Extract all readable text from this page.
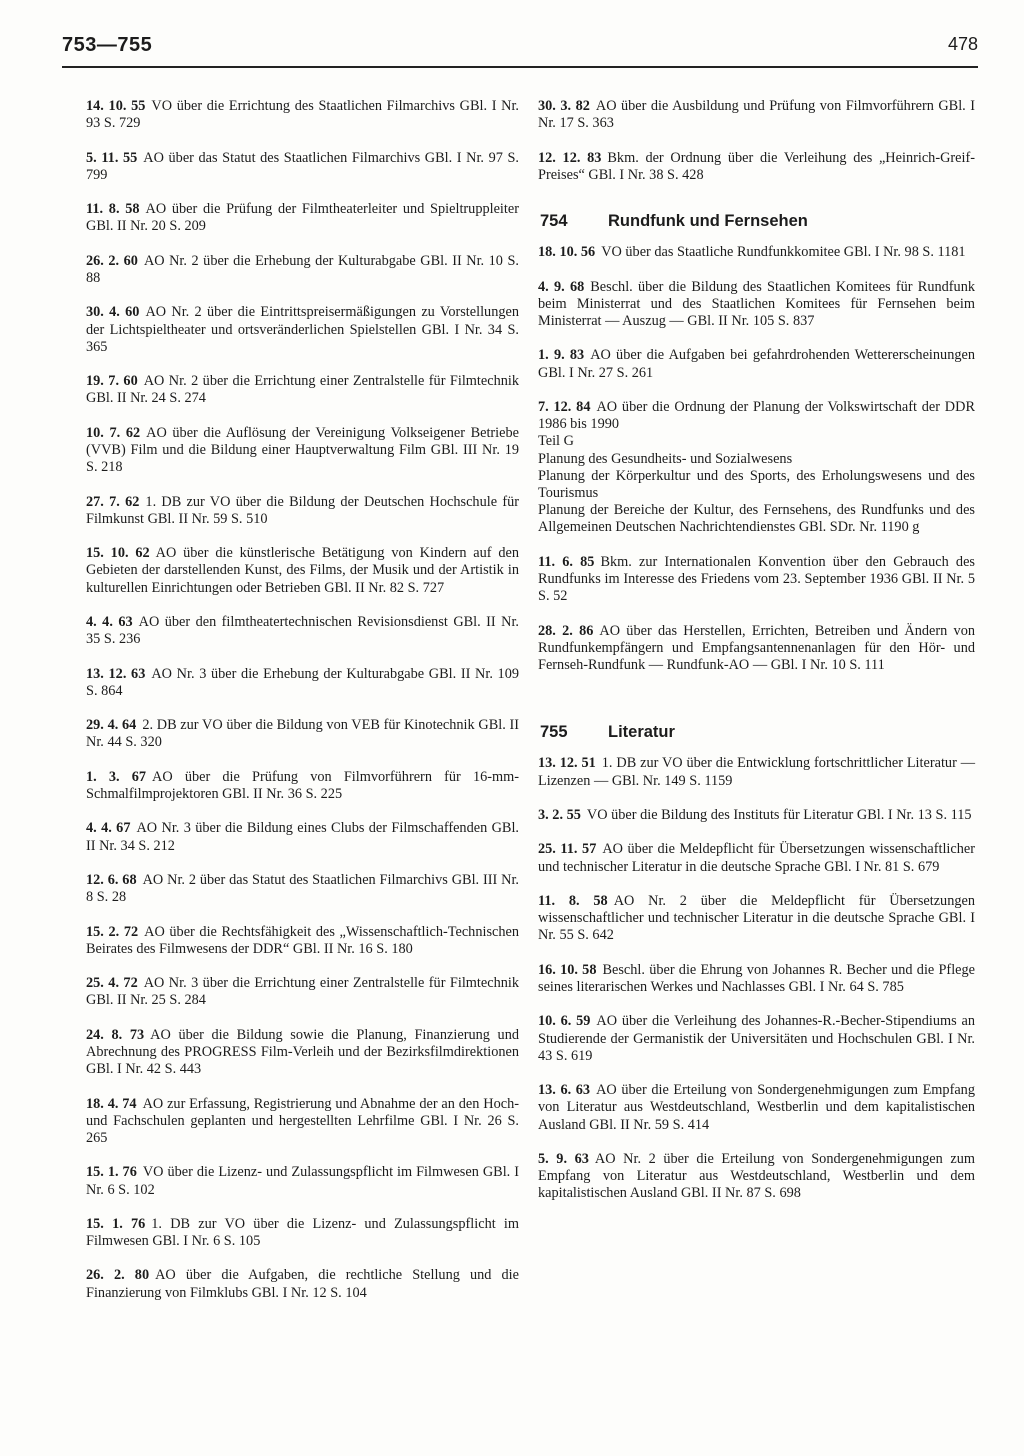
753—755	478
14. 10. 55 VO über die Errichtung des Staatlichen Filmarchivs GBl. I Nr. 93 S. 729
5. 11. 55 AO über das Statut des Staatlichen Filmarchivs GBl. I Nr. 97 S. 799
11. 8. 58 AO über die Prüfung der Filmtheaterleiter und Spieltruppleiter GBl. II Nr. 20 S. 209
26. 2. 60 AO Nr. 2 über die Erhebung der Kulturabgabe GBl. II Nr. 10 S. 88
30. 4. 60 AO Nr. 2 über die Eintrittspreisermäßigungen zu Vorstellungen der Lichtspieltheater und ortsveränderlichen Spielstellen GBl. I Nr. 34 S. 365
19. 7. 60 AO Nr. 2 über die Errichtung einer Zentralstelle für Filmtechnik GBl. II Nr. 24 S. 274
10. 7. 62 AO über die Auflösung der Vereinigung Volkseigener Betriebe (VVB) Film und die Bildung einer Hauptverwaltung Film GBl. III Nr. 19 S. 218
27. 7. 62 1. DB zur VO über die Bildung der Deutschen Hochschule für Filmkunst GBl. II Nr. 59 S. 510
15. 10. 62 AO über die künstlerische Betätigung von Kindern auf den Gebieten der darstellenden Kunst, des Films, der Musik und der Artistik in kulturellen Einrichtungen oder Betrieben GBl. II Nr. 82 S. 727
4. 4. 63 AO über den filmtheatertechnischen Revisionsdienst GBl. II Nr. 35 S. 236
13. 12. 63 AO Nr. 3 über die Erhebung der Kulturabgabe GBl. II Nr. 109 S. 864
29. 4. 64 2. DB zur VO über die Bildung von VEB für Kinotechnik GBl. II Nr. 44 S. 320
1. 3. 67 AO über die Prüfung von Filmvorführern für 16-mm-Schmalfilmprojektoren GBl. II Nr. 36 S. 225
4. 4. 67 AO Nr. 3 über die Bildung eines Clubs der Filmschaffenden GBl. II Nr. 34 S. 212
12. 6. 68 AO Nr. 2 über das Statut des Staatlichen Filmarchivs GBl. III Nr. 8 S. 28
15. 2. 72 AO über die Rechtsfähigkeit des „Wissenschaftlich-Technischen Beirates des Filmwesens der DDR“ GBl. II Nr. 16 S. 180
25. 4. 72 AO Nr. 3 über die Errichtung einer Zentralstelle für Filmtechnik GBl. II Nr. 25 S. 284
24. 8. 73 AO über die Bildung sowie die Planung, Finanzierung und Abrechnung des PROGRESS Film-Verleih und der Bezirksfilmdirektionen GBl. I Nr. 42 S. 443
18. 4. 74 AO zur Erfassung, Registrierung und Abnahme der an den Hoch- und Fachschulen geplanten und hergestellten Lehrfilme GBl. I Nr. 26 S. 265
15. 1. 76 VO über die Lizenz- und Zulassungspflicht im Filmwesen GBl. I Nr. 6 S. 102
15. 1. 76 1. DB zur VO über die Lizenz- und Zulassungspflicht im Filmwesen GBl. I Nr. 6 S. 105
26. 2. 80 AO über die Aufgaben, die rechtliche Stellung und die Finanzierung von Filmklubs GBl. I Nr. 12 S. 104
30. 3. 82 AO über die Ausbildung und Prüfung von Filmvorführern GBl. I Nr. 17 S. 363
12. 12. 83 Bkm. der Ordnung über die Verleihung des „Heinrich-Greif-Preises“ GBl. I Nr. 38 S. 428
754 Rundfunk und Fernsehen
18. 10. 56 VO über das Staatliche Rundfunkkomitee GBl. I Nr. 98 S. 1181
4. 9. 68 Beschl. über die Bildung des Staatlichen Komitees für Rundfunk beim Ministerrat und des Staatlichen Komitees für Fernsehen beim Ministerrat — Auszug — GBl. II Nr. 105 S. 837
1. 9. 83 AO über die Aufgaben bei gefahrdrohenden Wettererscheinungen GBl. I Nr. 27 S. 261
7. 12. 84 AO über die Ordnung der Planung der Volkswirtschaft der DDR 1986 bis 1990
Teil G
Planung des Gesundheits- und Sozialwesens
Planung der Körperkultur und des Sports, des Erholungswesens und des Tourismus
Planung der Bereiche der Kultur, des Fernsehens, des Rundfunks und des Allgemeinen Deutschen Nachrichtendienstes GBl. SDr. Nr. 1190 g
11. 6. 85 Bkm. zur Internationalen Konvention über den Gebrauch des Rundfunks im Interesse des Friedens vom 23. September 1936 GBl. II Nr. 5 S. 52
28. 2. 86 AO über das Herstellen, Errichten, Betreiben und Ändern von Rundfunkempfängern und Empfangsantennenanlagen für den Hör- und Fernseh-Rundfunk — Rundfunk-AO — GBl. I Nr. 10 S. 111
755 Literatur
13. 12. 51 1. DB zur VO über die Entwicklung fortschrittlicher Literatur — Lizenzen — GBl. Nr. 149 S. 1159
3. 2. 55 VO über die Bildung des Instituts für Literatur GBl. I Nr. 13 S. 115
25. 11. 57 AO über die Meldepflicht für Übersetzungen wissenschaftlicher und technischer Literatur in die deutsche Sprache GBl. I Nr. 81 S. 679
11. 8. 58 AO Nr. 2 über die Meldepflicht für Übersetzungen wissenschaftlicher und technischer Literatur in die deutsche Sprache GBl. I Nr. 55 S. 642
16. 10. 58 Beschl. über die Ehrung von Johannes R. Becher und die Pflege seines literarischen Werkes und Nachlasses GBl. I Nr. 64 S. 785
10. 6. 59 AO über die Verleihung des Johannes-R.-Becher-Stipendiums an Studierende der Germanistik der Universitäten und Hochschulen GBl. I Nr. 43 S. 619
13. 6. 63 AO über die Erteilung von Sondergenehmigungen zum Empfang von Literatur aus Westdeutschland, Westberlin und dem kapitalistischen Ausland GBl. II Nr. 59 S. 414
5. 9. 63 AO Nr. 2 über die Erteilung von Sondergenehmigungen zum Empfang von Literatur aus Westdeutschland, Westberlin und dem kapitalistischen Ausland GBl. II Nr. 87 S. 698
